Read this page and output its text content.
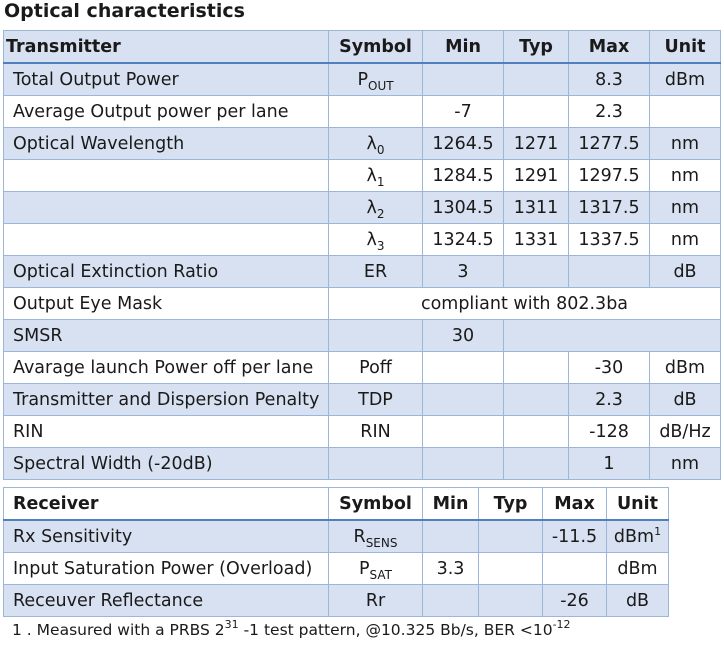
Optical characteristics
Transmitter	Symbol	Min	Typ	Max	Unit
Total Output Power	$P_{OUT}$			8.3	dBm
Average Output power per lane		-7		2.3	
Optical Wavelength	$\lambda_0$	1264.5	1271	1277.5	nm
	$\lambda_1$	1284.5	1291	1297.5	nm
	$\lambda_2$	1304.5	1311	1317.5	nm
	$\lambda_3$	1324.5	1331	1337.5	nm
Optical Extinction Ratio	ER	3			dB
Output Eye Mask	compliant with 802.3ba				
SMSR		30			
Avarage launch Power off per lane	Poff			-30	dBm
Transmitter and Dispersion Penalty	TDP			2.3	dB
RIN	RIN			-128	dB/Hz
Spectral Width (-20dB)				1	nm
Receiver	Symbol	Min	Typ	Max	Unit
Rx Sensitivity	$R_{SENS}$			-11.5	dBm$^1$
Input Saturation Power (Overload)	$P_{SAT}$	3.3			dBm
Receuver Reflectance	Rr			-26	dB
1 . Measured with a PRBS $2^{31}$ -1 test pattern, @10.325 Bb/s, BER $<10^{-12}$
